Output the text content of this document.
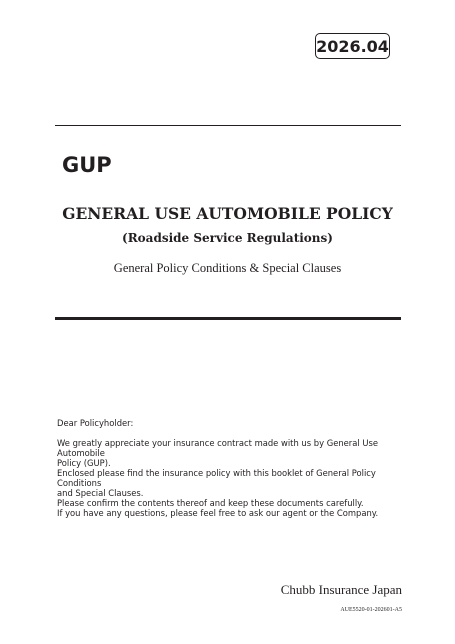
2026.04
GUP
GENERAL USE AUTOMOBILE POLICY
(Roadside Service Regulations)
General Policy Conditions & Special Clauses
Dear Policyholder:
We greatly appreciate your insurance contract made with us by General Use Automobile
Policy (GUP).
Enclosed please find the insurance policy with this booklet of General Policy Conditions
and Special Clauses.
Please confirm the contents thereof and keep these documents carefully.
If you have any questions, please feel free to ask our agent or the Company.
Chubb Insurance Japan
AUE5520-01-202601-A5
